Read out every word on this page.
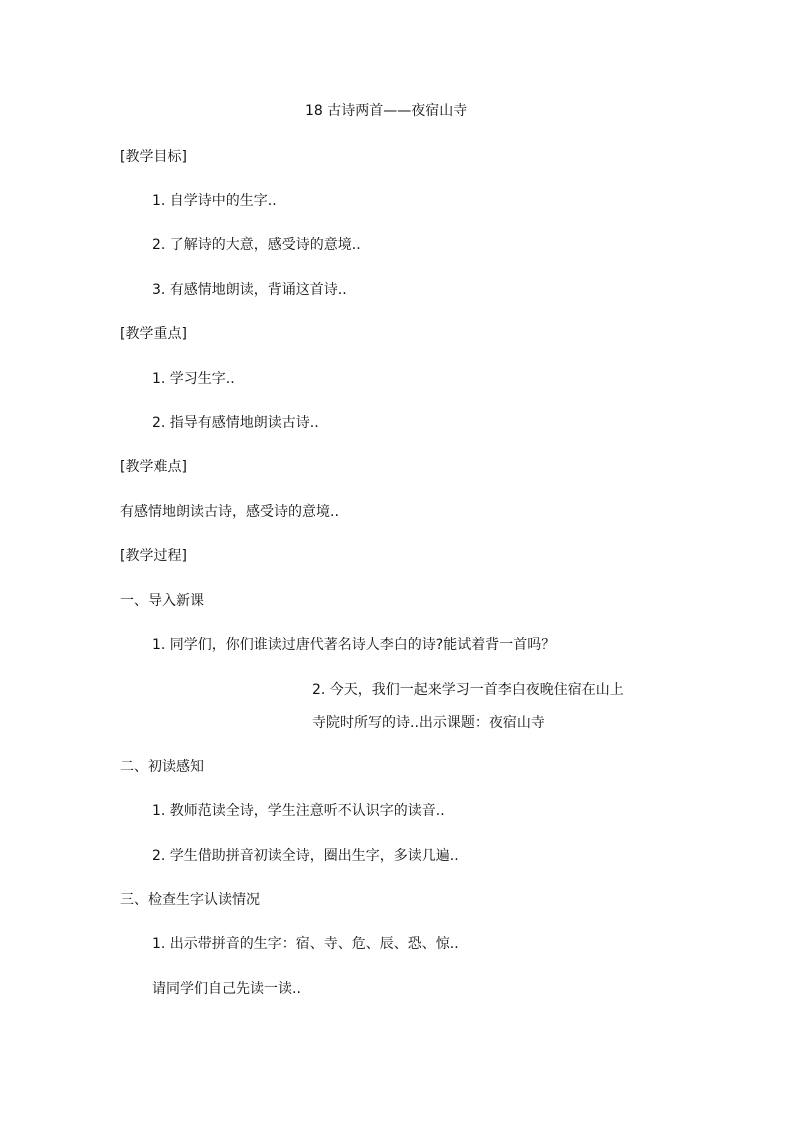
18 古诗两首——夜宿山寺
[教学目标]
1. 自学诗中的生字..
2. 了解诗的大意，感受诗的意境..
3. 有感情地朗读，背诵这首诗..
[教学重点]
1. 学习生字..
2. 指导有感情地朗读古诗..
[教学难点]
有感情地朗读古诗，感受诗的意境..
[教学过程]
一、导入新课
1. 同学们，你们谁读过唐代著名诗人李白的诗?能试着背一首吗？
2. 今天，我们一起来学习一首李白夜晚住宿在山上
寺院时所写的诗..出示课题：夜宿山寺
二、初读感知
1. 教师范读全诗，学生注意听不认识字的读音..
2. 学生借助拼音初读全诗，圈出生字，多读几遍..
三、检查生字认读情况
1. 出示带拼音的生字：宿、寺、危、辰、恐、惊..
请同学们自己先读一读..
